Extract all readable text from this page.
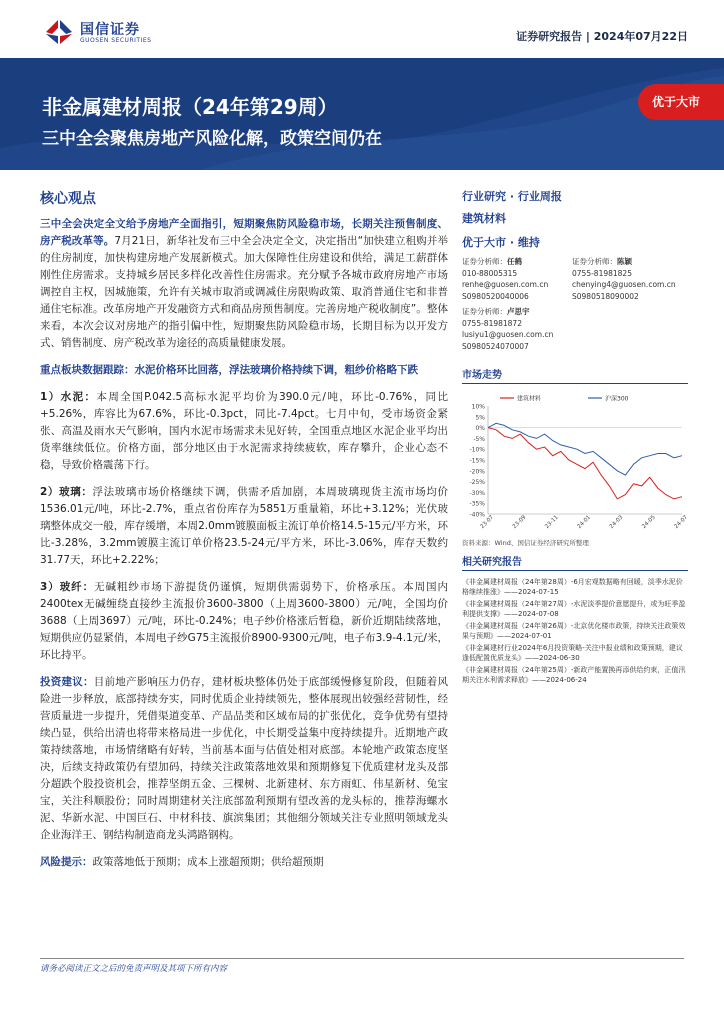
国信证券
GUOSEN SECURITIES	证券研究报告 | 2024年07月22日
非金属建材周报（24年第29周）
三中全会聚焦房地产风险化解，政策空间仍在
优于大市
核心观点
三中全会决定全文给予房地产全面指引，短期聚焦防风险稳市场，长期关注预售制度、房产税改革等。7月21日，新华社发布三中全会决定全文，决定指出“加快建立租购并举的住房制度，加快构建房地产发展新模式。加大保障性住房建设和供给，满足工薪群体刚性住房需求。支持城乡居民多样化改善性住房需求。充分赋予各城市政府房地产市场调控自主权，因城施策，允许有关城市取消或调减住房限购政策、取消普通住宅和非普通住宅标准。改革房地产开发融资方式和商品房预售制度。完善房地产税收制度”。整体来看，本次会议对房地产的指引偏中性，短期聚焦防风险稳市场，长期目标为以开发方式、销售制度、房产税改革为途径的高质量健康发展。
重点板块数据跟踪：水泥价格环比回落，浮法玻璃价格持续下调，粗纱价格略下跌
1）水泥：本周全国P.042.5高标水泥平均价为390.0元/吨，环比-0.76%，同比+5.26%，库容比为67.6%，环比-0.3pct，同比-7.4pct。七月中旬，受市场资金紧张、高温及雨水天气影响，国内水泥市场需求未见好转，全国重点地区水泥企业平均出货率继续低位。价格方面，部分地区由于水泥需求持续疲软，库存攀升，企业心态不稳，导致价格震荡下行。
2）玻璃：浮法玻璃市场价格继续下调，供需矛盾加剧，本周玻璃现货主流市场均价1536.01元/吨，环比-2.7%，重点省份库存为5851万重量箱，环比+3.12%；光伏玻璃整体成交一般，库存缓增，本周2.0mm镀膜面板主流订单价格14.5-15元/平方米，环比-3.28%，3.2mm镀膜主流订单价格23.5-24元/平方米，环比-3.06%，库存天数约31.77天，环比+2.22%；
3）玻纤：无碱粗纱市场下游提货仍谨慎，短期供需弱势下，价格承压。本周国内2400tex无碱缠绕直接纱主流报价3600-3800（上周3600-3800）元/吨，全国均价3688（上周3697）元/吨，环比-0.24%；电子纱价格涨后暂稳，新价近期陆续落地，短期供应仍显紧俏，本周电子纱G75主流报价8900-9300元/吨，电子布3.9-4.1元/米，环比持平。
投资建议：目前地产影响压力仍存，建材板块整体仍处于底部缓慢修复阶段，但随着风险进一步释放，底部持续夯实，同时优质企业持续领先，整体展现出较强经营韧性，经营质量进一步提升，凭借渠道变革、产品品类和区域布局的扩张优化，竞争优势有望持续凸显，供给出清也将带来格局进一步优化，中长期受益集中度持续提升。近期地产政策持续落地，市场情绪略有好转，当前基本面与估值处相对底部。本轮地产政策态度坚决，后续支持政策仍有望加码，持续关注政策落地效果和预期修复下优质建材龙头及部分超跌个股投资机会，推荐坚朗五金、三棵树、北新建材、东方雨虹、伟星新材、兔宝宝，关注科顺股份；同时周期建材关注底部盈利预期有望改善的龙头标的，推荐海螺水泥、华新水泥、中国巨石、中材科技、旗滨集团；其他细分领域关注专业照明领域龙头企业海洋王、钢结构制造商龙头鸿路钢构。
风险提示：政策落地低于预期；成本上涨超预期；供给超预期
行业研究 · 行业周报
建筑材料
优于大市 · 维持
证券分析师：任鹤
010-88005315
renhe@guosen.com.cn
S0980520040006
证券分析师：陈颖
0755-81981825
chenying4@guosen.com.cn
S0980518090002
证券分析师：卢思宇
0755-81981872
lusiyu1@guosen.com.cn
S0980524070007
市场走势
10%
5%
0%
-5%
-10%
-15%
-20%
-25%
-30%
-35%
-40%
23-07	23-09	23-11	24-01	24-03	24-05	24-07
建筑材料	沪深300
资料来源：Wind、国信证券经济研究所整理
相关研究报告
《非金属建材周报（24年第28周）-6月宏观数据略有回暖，淡季水泥价格继续推涨》——2024-07-15
《非金属建材周报（24年第27周）-水泥淡季提价意愿提升，或为旺季盈利提供支撑》——2024-07-08
《非金属建材周报（24年第26周）-北京优化楼市政策，持续关注政策效果与预期》——2024-07-01
《非金属建材行业2024年6月投资策略-关注中报业绩和政策预期，建议逢低配置优质龙头》——2024-06-30
《非金属建材周报（24年第25周）-新政产能置换再添供给约束，正值汛期关注水利需求释放》——2024-06-24
请务必阅读正文之后的免责声明及其项下所有内容
